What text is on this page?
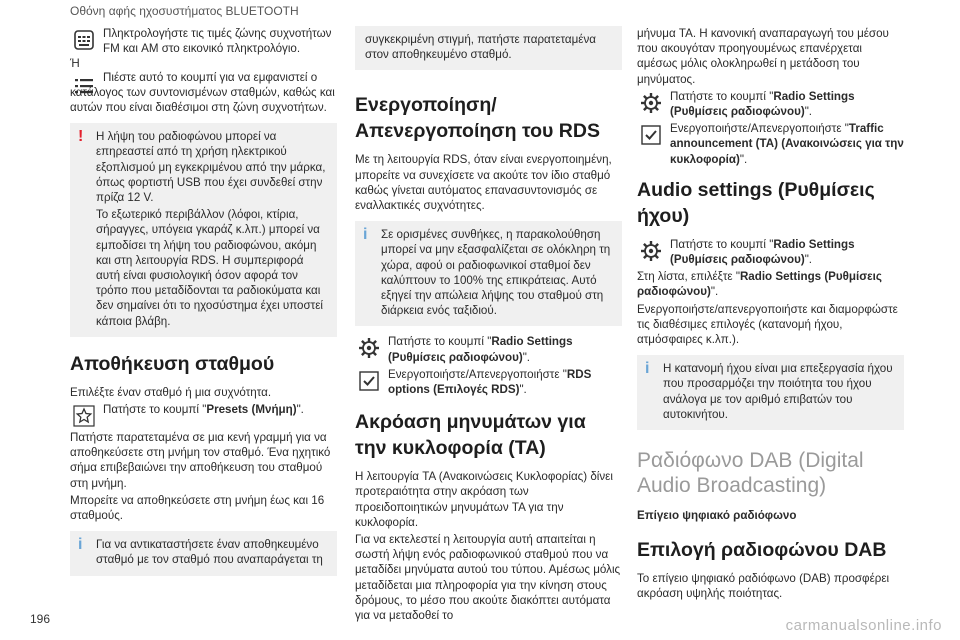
Οθόνη αφής ηχοσυστήματος BLUETOOTH

Πληκτρολογήστε τις τιμές ζώνης συχνοτήτων FM και AM στο εικονικό πληκτρολόγιο.

Ή

Πιέστε αυτό το κουμπί για να εμφανιστεί ο κατάλογος των συντονισμένων σταθμών, καθώς και αυτών που είναι διαθέσιμοι στη ζώνη συχνοτήτων.

! Η λήψη του ραδιοφώνου μπορεί να επηρεαστεί από τη χρήση ηλεκτρικού εξοπλισμού μη εγκεκριμένου από την μάρκα, όπως φορτιστή USB που έχει συνδεθεί στην πρίζα 12 V.

Το εξωτερικό περιβάλλον (λόφοι, κτίρια, σήραγγες, υπόγεια γκαράζ κ.λπ.) μπορεί να εμποδίσει τη λήψη του ραδιοφώνου, ακόμη και στη λειτουργία RDS. Η συμπεριφορά αυτή είναι φυσιολογική όσον αφορά τον τρόπο που μεταδίδονται τα ραδιοκύματα και δεν σημαίνει ότι το ηχοσύστημα έχει υποστεί κάποια βλάβη.

Αποθήκευση σταθμού

Επιλέξτε έναν σταθμό ή μια συχνότητα.

Πατήστε το κουμπί "Presets (Μνήμη)".

Πατήστε παρατεταμένα σε μια κενή γραμμή για να αποθηκεύσετε στη μνήμη τον σταθμό. Ένα ηχητικό σήμα επιβεβαιώνει την αποθήκευση του σταθμού στη μνήμη.

Μπορείτε να αποθηκεύσετε στη μνήμη έως και 16 σταθμούς.

i Για να αντικαταστήσετε έναν αποθηκευμένο σταθμό με τον σταθμό που αναπαράγεται τη

συγκεκριμένη στιγμή, πατήστε παρατεταμένα στον αποθηκευμένο σταθμό.

Ενεργοποίηση/ Απενεργοποίηση του RDS

Με τη λειτουργία RDS, όταν είναι ενεργοποιημένη, μπορείτε να συνεχίσετε να ακούτε τον ίδιο σταθμό καθώς γίνεται αυτόματος επανασυντονισμός σε εναλλακτικές συχνότητες.

i Σε ορισμένες συνθήκες, η παρακολούθηση μπορεί να μην εξασφαλίζεται σε ολόκληρη τη χώρα, αφού οι ραδιοφωνικοί σταθμοί δεν καλύπτουν το 100% της επικράτειας. Αυτό εξηγεί την απώλεια λήψης του σταθμού στη διάρκεια ενός ταξιδιού.

Πατήστε το κουμπί "Radio Settings (Ρυθμίσεις ραδιοφώνου)".

Ενεργοποιήστε/Απενεργοποιήστε "RDS options (Επιλογές RDS)".

Ακρόαση μηνυμάτων για την κυκλοφορία (TA)

Η λειτουργία TA (Ανακοινώσεις Κυκλοφορίας) δίνει προτεραιότητα στην ακρόαση των προειδοποιητικών μηνυμάτων TA για την κυκλοφορία.

Για να εκτελεστεί η λειτουργία αυτή απαιτείται η σωστή λήψη ενός ραδιοφωνικού σταθμού που να μεταδίδει μηνύματα αυτού του τύπου. Αμέσως μόλις μεταδίδεται μια πληροφορία για την κίνηση στους δρόμους, το μέσο που ακούτε διακόπτει αυτόματα για να μεταδοθεί το

μήνυμα TA. Η κανονική αναπαραγωγή του μέσου που ακουγόταν προηγουμένως επανέρχεται αμέσως μόλις ολοκληρωθεί η μετάδοση του μηνύματος.

Πατήστε το κουμπί "Radio Settings (Ρυθμίσεις ραδιοφώνου)".

Ενεργοποιήστε/Απενεργοποιήστε "Traffic announcement (TA) (Ανακοινώσεις για την κυκλοφορία)".

Audio settings (Ρυθμίσεις ήχου)

Πατήστε το κουμπί "Radio Settings (Ρυθμίσεις ραδιοφώνου)".

Στη λίστα, επιλέξτε "Radio Settings (Ρυθμίσεις ραδιοφώνου)".

Ενεργοποιήστε/απενεργοποιήστε και διαμορφώστε τις διαθέσιμες επιλογές (κατανομή ήχου, ατμόσφαιρες κ.λπ.).

i Η κατανομή ήχου είναι μια επεξεργασία ήχου που προσαρμόζει την ποιότητα του ήχου ανάλογα με τον αριθμό επιβατών του αυτοκινήτου.

Ραδιόφωνο DAB (Digital Audio Broadcasting)

Επίγειο ψηφιακό ραδιόφωνο

Επιλογή ραδιοφώνου DAB

Το επίγειο ψηφιακό ραδιόφωνο (DAB) προσφέρει ακρόαση υψηλής ποιότητας.

196	carmanualsonline.info
